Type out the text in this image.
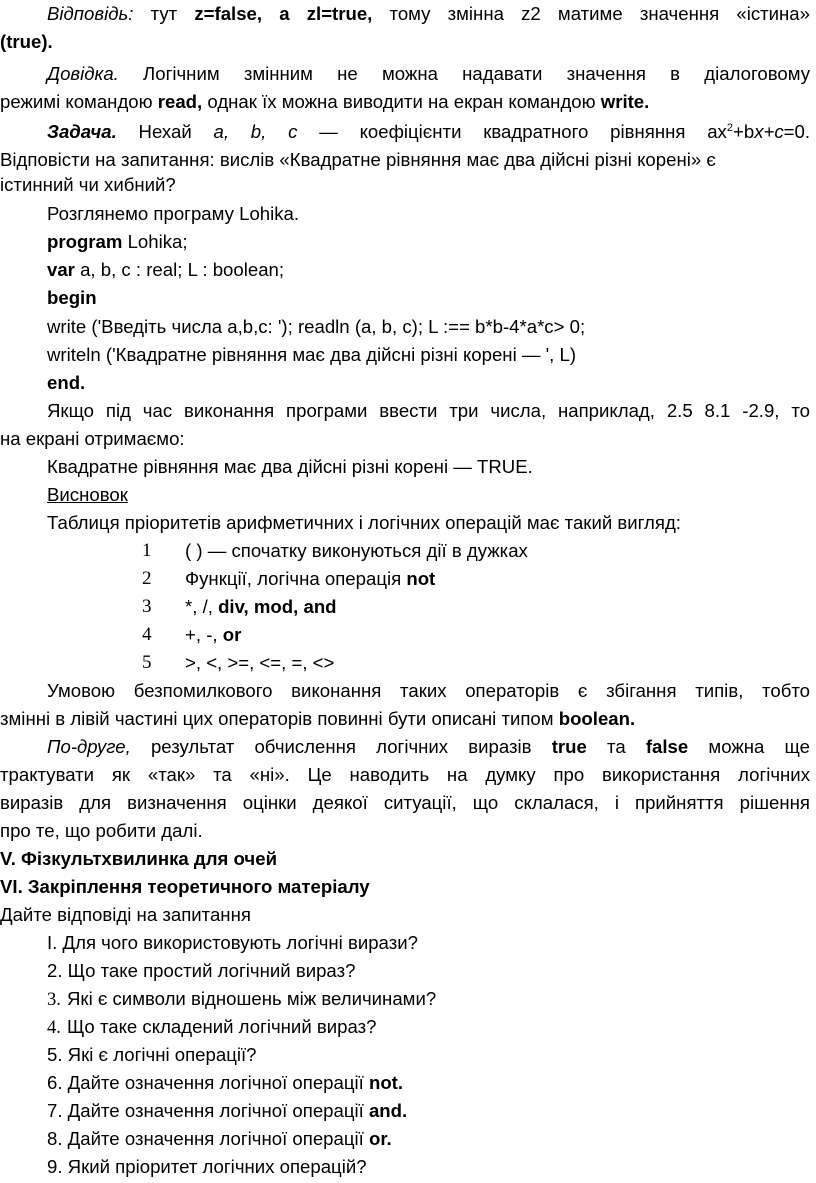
Відповідь: тут z=false, а zl=true, тому змінна z2 матиме значення «істина»
(true).
Довідка. Логічним змінним не можна надавати значення в діалоговому
режимі командою read, однак їх можна виводити на екран командою write.
Задача. Нехай a, b, c — коефіцієнти квадратного рівняння $ах^2+bx+c=0$.
Відповісти на запитання: вислів «Квадратне рівняння має два дійсні різні корені» є
істинний чи хибний?
Розглянемо програму Lohika.
program Lohika;
var a, b, c : real; L : boolean;
begin
write ('Введіть числа a,b,c: '); readln (a, b, c); L :== b*b-4*a*c> 0;
writeln ('Квадратне рівняння має два дійсні різні корені — ', L)
end.
Якщо під час виконання програми ввести три числа, наприклад, 2.5 8.1 -2.9, то
на екрані отримаємо:
Квадратне рівняння має два дійсні різні корені — TRUE.
Висновок
Таблиця пріоритетів арифметичних і логічних операцій має такий вигляд:
1 ( ) — спочатку виконуються дії в дужках
2 Функції, логічна операція not
3 *, /, div, mod, and
4 +, -, or
5 >, <, >=, <=, =, <>
Умовою безпомилкового виконання таких операторів є збігання типів, тобто
змінні в лівій частині цих операторів повинні бути описані типом boolean.
По-друге, результат обчислення логічних виразів true та false можна ще
трактувати як «так» та «ні». Це наводить на думку про використання логічних
виразів для визначення оцінки деякої ситуації, що склалася, і прийняття рішення
про те, що робити далі.
V. Фізкультхвилинка для очей
VI. Закріплення теоретичного матеріалу
Дайте відповіді на запитання
І. Для чого використовують логічні вирази?
2. Що таке простий логічний вираз?
3. Які є символи відношень між величинами?
4. Що таке складений логічний вираз?
5. Які є логічні операції?
6. Дайте означення логічної операції not.
7. Дайте означення логічної операції and.
8. Дайте означення логічної операції or.
9. Який пріоритет логічних операцій?
